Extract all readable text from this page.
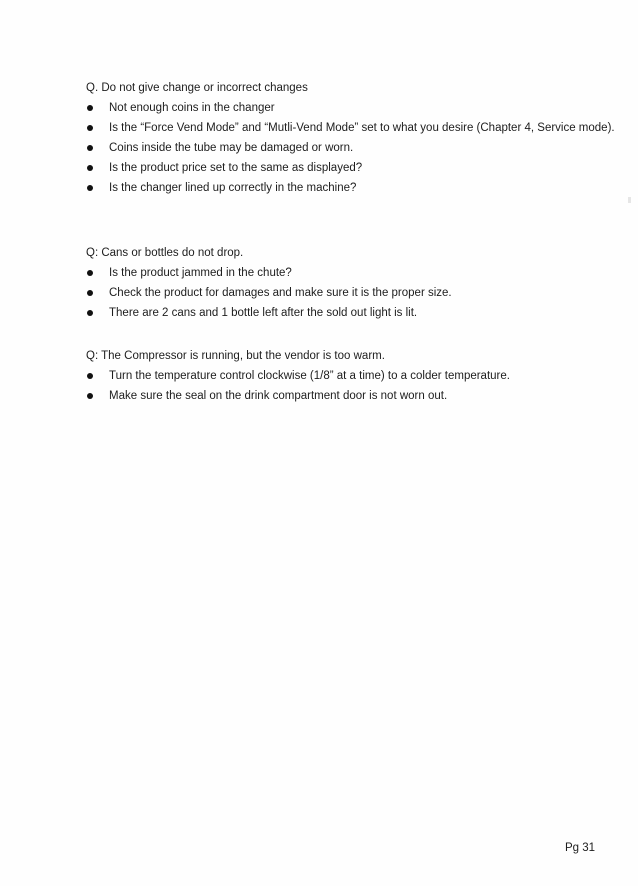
Q. Do not give change or incorrect changes
Not enough coins in the changer
Is the “Force Vend Mode” and “Mutli-Vend Mode” set to what you desire (Chapter 4, Service mode).
Coins inside the tube may be damaged or worn.
Is the product price set to the same as displayed?
Is the changer lined up correctly in the machine?
Q: Cans or bottles do not drop.
Is the product jammed in the chute?
Check the product for damages and make sure it is the proper size.
There are 2 cans and 1 bottle left after the sold out light is lit.
Q: The Compressor is running, but the vendor is too warm.
Turn the temperature control clockwise (1/8” at a time) to a colder temperature.
Make sure the seal on the drink compartment door is not worn out.
Pg 31
